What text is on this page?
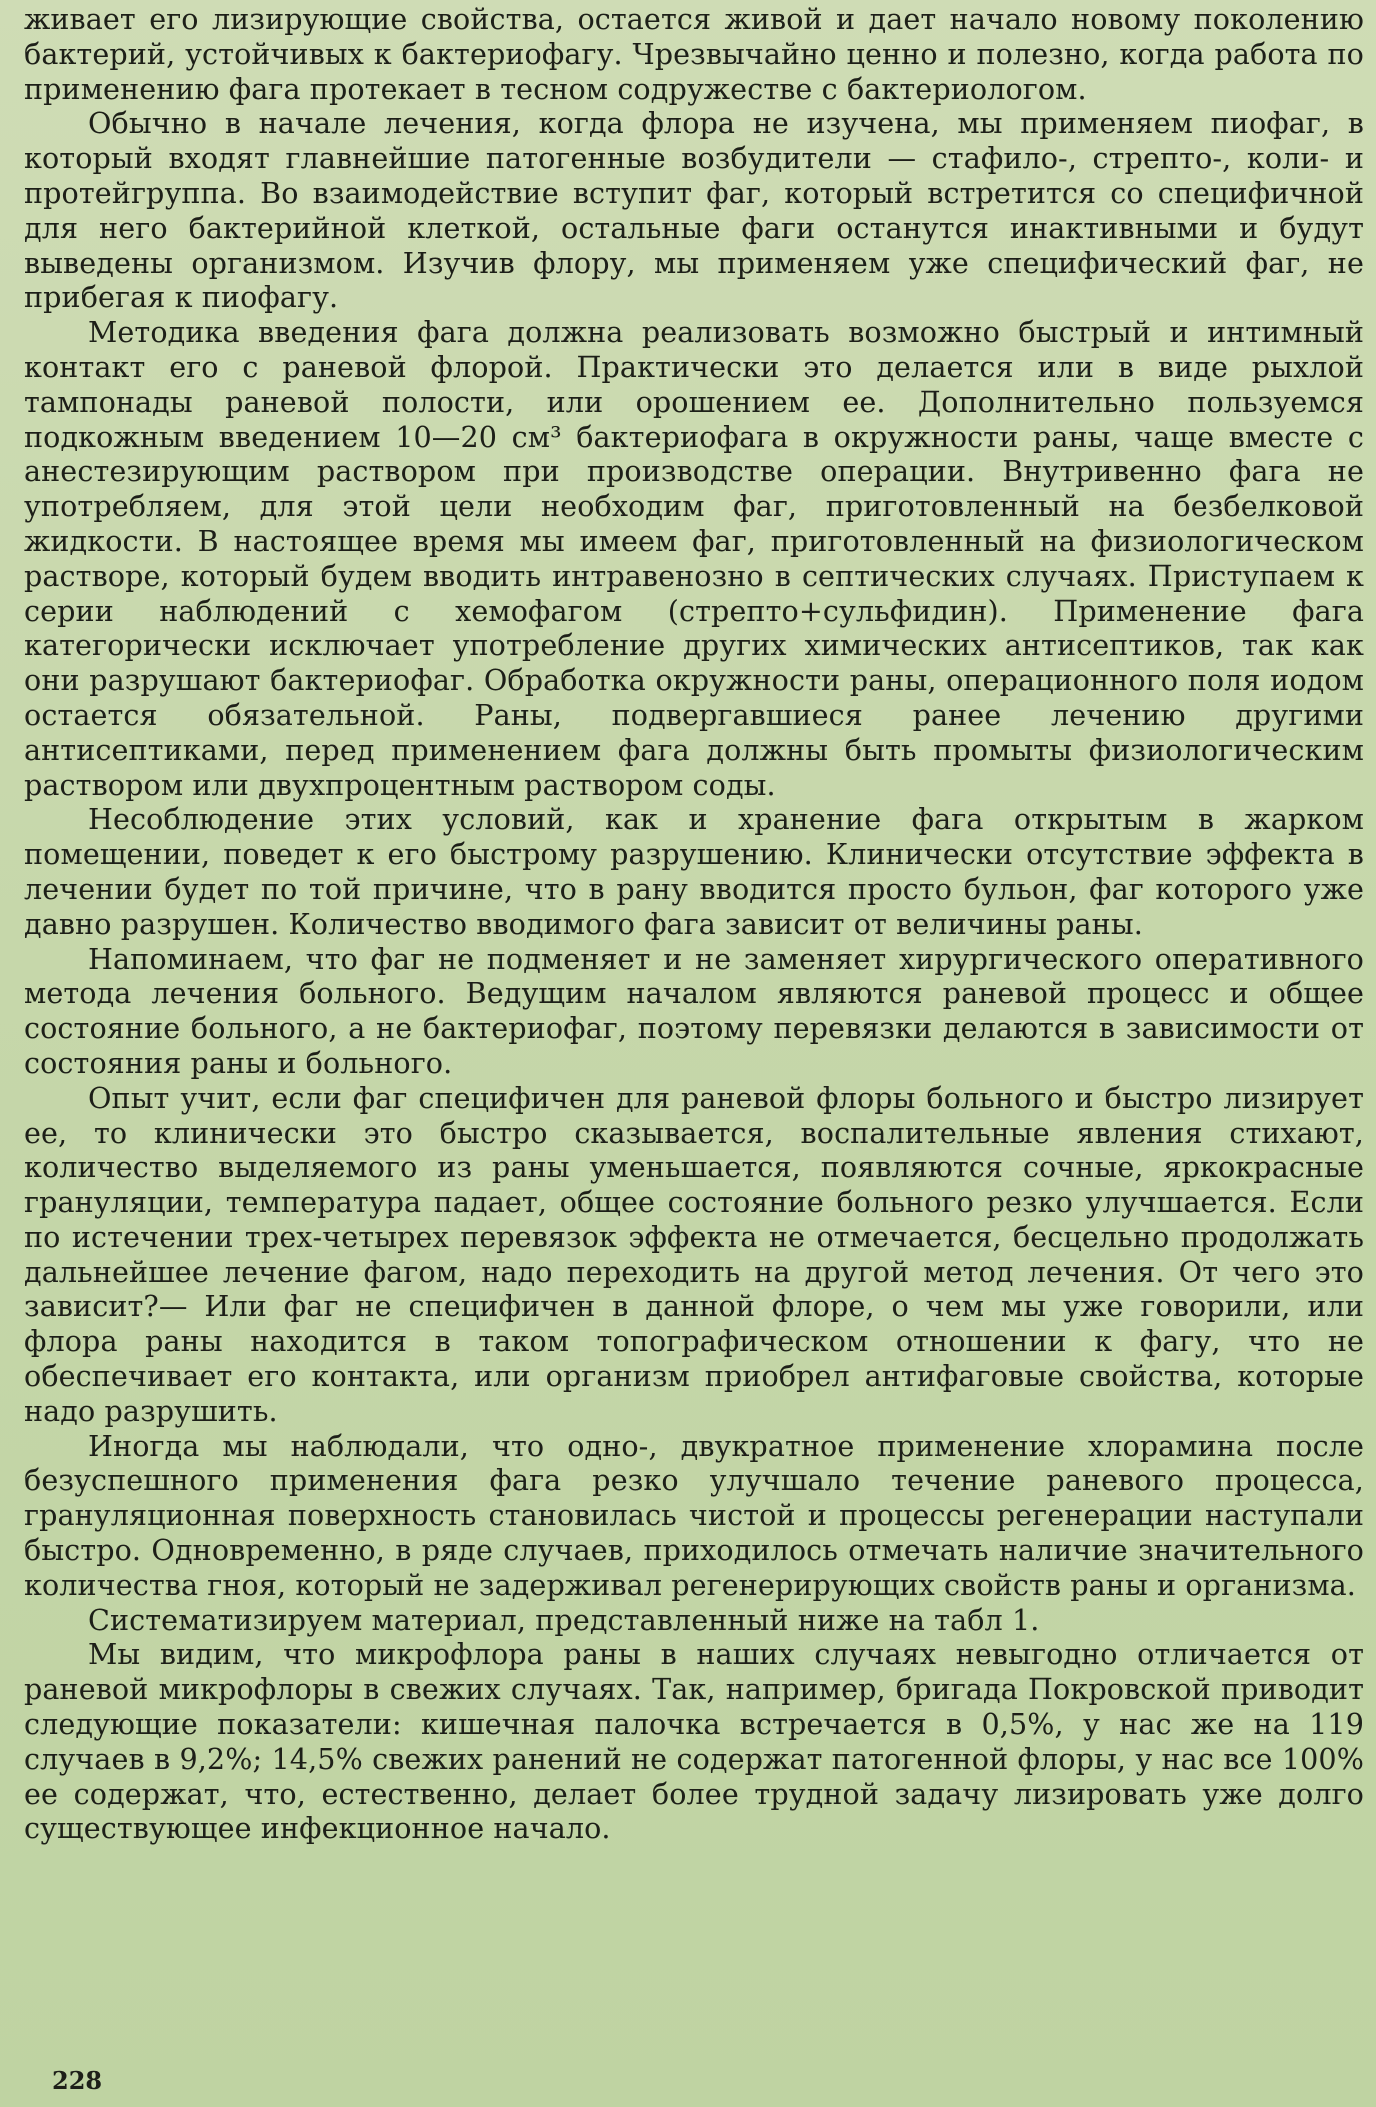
живает его лизирующие свойства, остается живой и дает начало новому поколению бактерий, устойчивых к бактериофагу. Чрезвычайно ценно и полезно, когда работа по применению фага протекает в тесном содружестве с бактериологом.

Обычно в начале лечения, когда флора не изучена, мы применяем пиофаг, в который входят главнейшие патогенные возбудители — стафило-, стрепто-, коли- и протейгруппа. Во взаимодействие вступит фаг, который встретится со специфичной для него бактерийной клеткой, остальные фаги останутся инактивными и будут выведены организмом. Изучив флору, мы применяем уже специфический фаг, не прибегая к пиофагу.

Методика введения фага должна реализовать возможно быстрый и интимный контакт его с раневой флорой. Практически это делается или в виде рыхлой тампонады раневой полости, или орошением ее. Дополнительно пользуемся подкожным введением 10—20 см³ бактериофага в окружности раны, чаще вместе с анестезирующим раствором при производстве операции. Внутривенно фага не употребляем, для этой цели необходим фаг, приготовленный на безбелковой жидкости. В настоящее время мы имеем фаг, приготовленный на физиологическом растворе, который будем вводить интравенозно в септических случаях. Приступаем к серии наблюдений с хемофагом (стрепто+сульфидин). Применение фага категорически исключает употребление других химических антисептиков, так как они разрушают бактериофаг. Обработка окружности раны, операционного поля иодом остается обязательной. Раны, подвергавшиеся ранее лечению другими антисептиками, перед применением фага должны быть промыты физиологическим раствором или двухпроцентным раствором соды.

Несоблюдение этих условий, как и хранение фага открытым в жарком помещении, поведет к его быстрому разрушению. Клинически отсутствие эффекта в лечении будет по той причине, что в рану вводится просто бульон, фаг которого уже давно разрушен. Количество вводимого фага зависит от величины раны.

Напоминаем, что фаг не подменяет и не заменяет хирургического оперативного метода лечения больного. Ведущим началом являются раневой процесс и общее состояние больного, а не бактериофаг, поэтому перевязки делаются в зависимости от состояния раны и больного.

Опыт учит, если фаг специфичен для раневой флоры больного и быстро лизирует ее, то клинически это быстро сказывается, воспалительные явления стихают, количество выделяемого из раны уменьшается, появляются сочные, яркокрасные грануляции, температура падает, общее состояние больного резко улучшается. Если по истечении трех-четырех перевязок эффекта не отмечается, бесцельно продолжать дальнейшее лечение фагом, надо переходить на другой метод лечения. От чего это зависит?— Или фаг не специфичен в данной флоре, о чем мы уже говорили, или флора раны находится в таком топографическом отношении к фагу, что не обеспечивает его контакта, или организм приобрел антифаговые свойства, которые надо разрушить.

Иногда мы наблюдали, что одно-, двукратное применение хлорамина после безуспешного применения фага резко улучшало течение раневого процесса, грануляционная поверхность становилась чистой и процессы регенерации наступали быстро. Одновременно, в ряде случаев, приходилось отмечать наличие значительного количества гноя, который не задерживал регенерирующих свойств раны и организма.

Систематизируем материал, представленный ниже на табл 1.

Мы видим, что микрофлора раны в наших случаях невыгодно отличается от раневой микрофлоры в свежих случаях. Так, например, бригада Покровской приводит следующие показатели: кишечная палочка встречается в 0,5%, у нас же на 119 случаев в 9,2%; 14,5% свежих ранений не содержат патогенной флоры, у нас все 100% ее содержат, что, естественно, делает более трудной задачу лизировать уже долго существующее инфекционное начало.

228
